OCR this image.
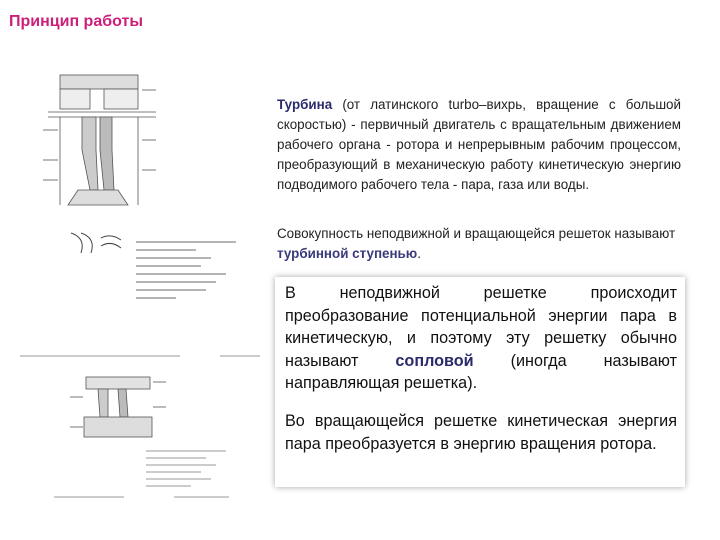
Принцип работы
Турбина (от латинского turbo–вихрь, вращение с большой скоростью) - первичный двигатель с вращательным движением рабочего органа - ротора и непрерывным рабочим процессом, преобразующий в механическую работу кинетическую энергию подводимого рабочего тела - пара, газа или воды.
Совокупность неподвижной и вращающейся решеток называют турбинной ступенью.
В неподвижной решетке происходит преобразование потенциальной энергии пара в кинетическую, и поэтому эту решетку обычно называют сопловой (иногда называют направляющая решетка).
Во вращающейся решетке кинетическая энергия пара преобразуется в энергию вращения ротора.
